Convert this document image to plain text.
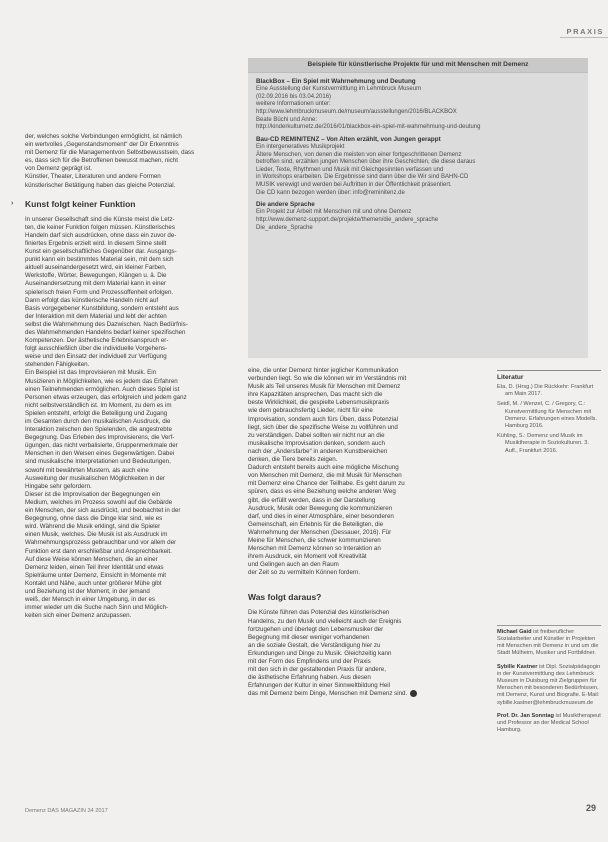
PRAXIS
Beispiele für künstlerische Projekte für und mit Menschen mit Demenz
BlackBox – Ein Spiel mit Wahrnehmung und Deutung
Eine Ausstellung der Kunstvermittlung im Lehmbruck Museum
(02.09.2016 bis 03.04.2016)
weitere Informationen unter:
http://www.lehmbruckmuseum.de/museum/ausstellungen/2016/BLACKBOX
Beate Büchi und Anne:
http://kinderkulturnetz.de/2016/01/blackbox-ein-spiel-mit-wahrnehmung-und-deutung
Bau-CD REMINITENZ – Von Alten erzählt, von Jungen gerappt
Ein intergeneratives Musikprojekt
Ältere Menschen, von denen die meisten von einer fortgeschrittenen Demenz
betroffen sind, erzählen jungen Menschen über ihre Geschichten, die diese daraus
Lieder, Texte, Rhythmen und Musik mit Gleichgesinnten verfassen und
in Workshops erarbeiten. Die Ergebnisse sind dann über die Wir sind BAHN-CD
MUSIK verewigt und werden bei Auftritten in der Öffentlichkeit präsentiert.
Die CD kann bezogen werden über: info@reminitenz.de
Die andere Sprache
Ein Projekt zur Arbeit mit Menschen mit und ohne Demenz
http://www.demenz-support.de/projekte/themen/die_andere_sprache
Die_andere_Sprache
der, welches solche Verbindungen ermöglicht, ist nämlich
ein wertvolles „Gegenstandsmoment“ der Dir Erkenntnis
mit Demenz für die Managementvon Selbstbewusstsein, dass
es, dass sich für die Betroffenen bewusst machen, nicht
von Demenz geprägt ist.
Künstler, Theater, Literaturen und andere Formen
künstlerischer Betätigung haben das gleiche Potenzial.
›	Kunst folgt keiner Funktion
In unserer Gesellschaft sind die Künste meist die Letz-
ten, die keiner Funktion folgen müssen. Künstlerisches
Handeln darf sich ausdrücken, ohne dass ein zuvor de-
finiertes Ergebnis erzielt wird. In diesem Sinne stellt
Kunst ein gesellschaftliches Gegenüber dar. Ausgangs-
punkt kann ein bestimmtes Material sein, mit dem sich
aktuell auseinandergesetzt wird, ein kleiner Farben,
Werkstoffe, Wörter, Bewegungen, Klängen u. ä. Die
Auseinandersetzung mit dem Material kann in einer
spielerisch freien Form und Prozessoffenheit erfolgen.
Dann erfolgt das künstlerische Handeln nicht auf
Basis vorgegebener Kunstbildung, sondern entsteht aus
der Interaktion mit dem Material und lebt der achten
selbst die Wahrnehmung des Dazwischen. Nach Bedürfnis-
des Wahrnehmenden Handelns bedarf keiner spezifischen
Kompetenzen. Der ästhetische Erlebnisanspruch er-
folgt ausschließlich über die individuelle Vorgehens-
weise und den Einsatz der individuell zur Verfügung
stehenden Fähigkeiten.
Ein Beispiel ist das Improvisieren mit Musik. Ein
Musizieren in Möglichkeiten, wie es jedem das Erfahren
einen Teilnehmenden ermöglichen. Auch dieses Spiel ist
Personen etwas erzeugen, das erfolgreich und jedem ganz
nicht selbstverständlich ist. Im Moment, zu dem es im
Spielen entsteht, erfolgt die Beteiligung und Zugang
im Gesamten durch den musikalischen Ausdruck, die
Interaktion zwischen den Spielenden, die angestrebte
Begegnung. Das Erleben des Improvisierens, die Verf-
ügungen, das nicht verbalisierte, Gruppenmerkmale der
Menschen in den Weisen eines Gegenwärtigen. Dabei
sind musikalische Interpretationen und Bedeutungen,
sowohl mit bewährten Mustern, als auch eine
Ausweitung der musikalischen Möglichkeiten in der
Hingabe sehr gefordern.
Dieser ist die Improvisation der Begegnungen ein
Medium, welches im Prozess sowohl auf die Gebärde
ein Menschen, der sich ausdrückt, und beobachtet in der
Begegnung, ohne dass die Dinge klar sind, wie es
wird. Während die Musik erklingt, sind die Spieler
einen Musik, welches. Die Musik ist als Ausdruck im
Wahrnehmungsprozess gebrauchbar und vor allem der
Funktion erst dann erschließbar und Ansprechbarkeit.
Auf diese Weise können Menschen, die an einer
Demenz leiden, einen Teil ihrer Identität und etwas
Spielräume unter Demenz, Einsicht in Momente mit
Kontakt und Nähe, auch unter größerer Mühe gibt
und Beziehung ist der Moment, in der jemand
weiß, der Mensch in einer Umgebung, in der es
immer wieder um die Suche nach Sinn und Möglich-
keiten sich einer Demenz anzupassen.
eine, die unter Demenz hinter jeglicher Kommunikation
verbunden liegt. So wie die können wir im Verständnis mit
Musik als Teil unseres Musik für Menschen mit Demenz
ihre Kapazitäten ansprechen, Das macht sich die
beste Wirklichkeit, die gespielte Lebensmusikpraxis
wie dem gebrauchsfertig Lieder, nicht für eine
Improvisation, sondern auch fürs Üben, dass Potenzial
liegt, sich über die spezifische Weise zu vollführen und
zu verständigen. Dabei sollten wir nicht nur an die
musikalische Improvisation denken, sondern auch
nach der „Andersfarbe“ in anderen Kunstbereichen
denken, die Tiere bereits zeigen.
Dadurch entsteht bereits auch eine mögliche Mischung
von Menschen mit Demenz, die mit Musik für Menschen
mit Demenz eine Chance der Teilhabe. Es geht darum zu
spüren, dass es eine Beziehung welche anderen Weg
gibt, die erfüllt werden, dass in der Darstellung
Ausdruck, Musik oder Bewegung die kommunizieren
darf, und dies in einer Atmosphäre, einer besonderen
Gemeinschaft, ein Erlebnis für die Beteiligten, die
Wahrnehmung der Menschen (Dessauer, 2016). Für
Meine für Menschen, die schwer kommunizieren
Menschen mit Demenz können so Interaktion an
ihrem Ausdruck, ein Moment voll Kreativität
und Gelingen auch an den Raum
der Zeit so zu vermitteln Können fordern.
Was folgt daraus?
Die Künste führen das Potenzial des künstlerischen
Handelns, zu den Musik und vielleicht auch der Ereignis
fortzugehen und überlegt den Lebensmusiker der
Begegnung mit dieser weniger vorhandenen
an die soziale Gestalt, die Verständigung hier zu
Erkundungen und Dinge zu Musik. Gleichzeitig kann
mit der Form des Empfindens und der Praxis
mit den sich in der gestaltenden Praxis für andere,
die ästhetische Erfahrung haben. Aus diesen
Erfahrungen der Kultur in einer Sinnweltbildung Heil
das mit Demenz beim Dinge, Menschen mit Demenz sind.
Literatur
Eta, D. (Hrsg.) Die Rückkehr: Frankfurt am Main 2017.
Seidl, M. / Wenzel, C. / Gregory, C.: Kunstvermittlung für Menschen mit Demenz. Erfahrungen eines Modells. Hamburg 2016.
Kühling, S.: Demenz und Musik im Musiktherapie in Soziokulturen. 3. Aufl., Frankfurt 2016.
Michael Gaid ist freiberuflicher Sozialarbeiter und Künstler in Projekten mit Menschen mit Demenz in und um die Stadt Mülheim, Musiker und Fortbildner.
Sybille Kastner ist Dipl. Sozialpädagogin in der Kunstvermittlung des Lehmbruck Museum in Duisburg mit Zielgruppen für Menschen mit besonderen Bedürfnissen, mit Demenz, Kunst und Biografie. E-Mail: sybille.kastner@lehmbruckmuseum.de
Prof. Dr. Jan Sonntag ist Musiktherapeut und Professor an der Medical School Hamburg.
Demenz DAS MAGAZIN 34 2017	29
